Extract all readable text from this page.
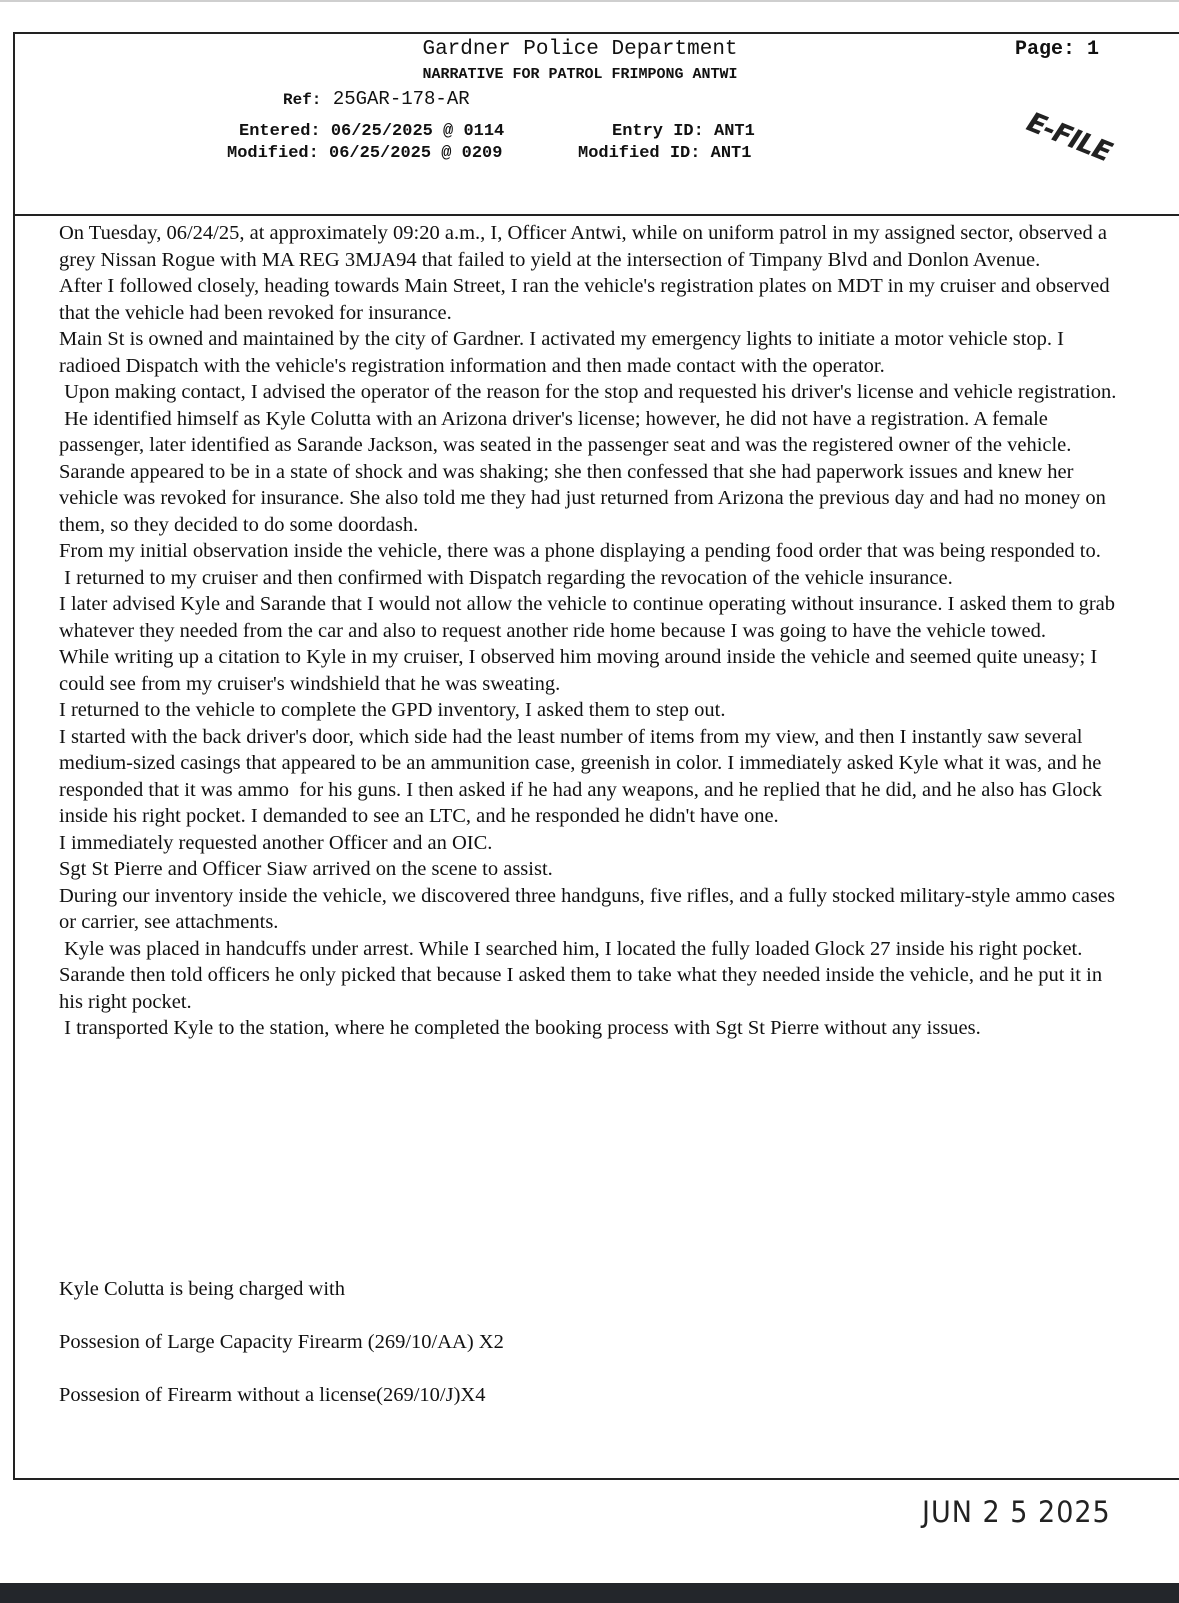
Gardner Police Department	Page: 1
NARRATIVE FOR PATROL FRIMPONG ANTWI
Ref: 25GAR-178-AR
Entered: 06/25/2025 @ 0114
Modified: 06/25/2025 @ 0209
Entry ID: ANT1
Modified ID: ANT1	E-FILE

On Tuesday, 06/24/25, at approximately 09:20 a.m., I, Officer Antwi, while on uniform patrol in my assigned sector, observed a grey Nissan Rogue with MA REG 3MJA94 that failed to yield at the intersection of Timpany Blvd and Donlon Avenue.

After I followed closely, heading towards Main Street, I ran the vehicle's registration plates on MDT in my cruiser and observed that the vehicle had been revoked for insurance.

Main St is owned and maintained by the city of Gardner. I activated my emergency lights to initiate a motor vehicle stop. I radioed Dispatch with the vehicle's registration information and then made contact with the operator.

Upon making contact, I advised the operator of the reason for the stop and requested his driver's license and vehicle registration.

He identified himself as Kyle Colutta with an Arizona driver's license; however, he did not have a registration. A female passenger, later identified as Sarande Jackson, was seated in the passenger seat and was the registered owner of the vehicle.

Sarande appeared to be in a state of shock and was shaking; she then confessed that she had paperwork issues and knew her vehicle was revoked for insurance. She also told me they had just returned from Arizona the previous day and had no money on them, so they decided to do some doordash.

From my initial observation inside the vehicle, there was a phone displaying a pending food order that was being responded to.

I returned to my cruiser and then confirmed with Dispatch regarding the revocation of the vehicle insurance.

I later advised Kyle and Sarande that I would not allow the vehicle to continue operating without insurance. I asked them to grab whatever they needed from the car and also to request another ride home because I was going to have the vehicle towed.

While writing up a citation to Kyle in my cruiser, I observed him moving around inside the vehicle and seemed quite uneasy; I could see from my cruiser's windshield that he was sweating.

I returned to the vehicle to complete the GPD inventory, I asked them to step out.

I started with the back driver's door, which side had the least number of items from my view, and then I instantly saw several medium-sized casings that appeared to be an ammunition case, greenish in color. I immediately asked Kyle what it was, and he responded that it was ammo  for his guns. I then asked if he had any weapons, and he replied that he did, and he also has Glock inside his right pocket. I demanded to see an LTC, and he responded he didn't have one.

I immediately requested another Officer and an OIC.

Sgt St Pierre and Officer Siaw arrived on the scene to assist.

During our inventory inside the vehicle, we discovered three handguns, five rifles, and a fully stocked military-style ammo cases or carrier, see attachments.

Kyle was placed in handcuffs under arrest. While I searched him, I located the fully loaded Glock 27 inside his right pocket. Sarande then told officers he only picked that because I asked them to take what they needed inside the vehicle, and he put it in his right pocket.

I transported Kyle to the station, where he completed the booking process with Sgt St Pierre without any issues.

Kyle Colutta is being charged with

Possesion of Large Capacity Firearm (269/10/AA) X2

Possesion of Firearm without a license(269/10/J)X4

JUN 2 5 2025
